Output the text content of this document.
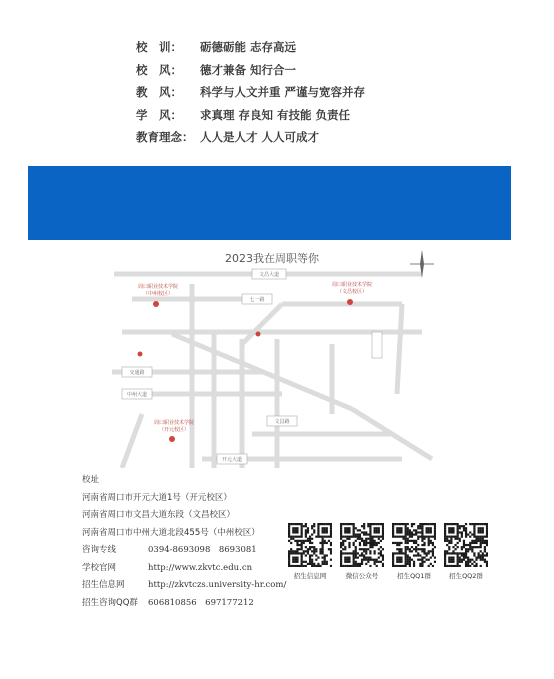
校　训： 砺德砺能 志存高远
校　风： 德才兼备 知行合一
教　风： 科学与人文并重 严谨与宽容并存
学　风： 求真理 存良知 有技能 负责任
教育理念： 人人是人才 人人可成才
2023我在周职等你
文昌大道
七一路
交通路
中州大道
文昌路
开元大道
周口职业技术学院
（中州校区）
周口职业技术学院
（文昌校区）
周口职业技术学院
（开元校区）
校址
河南省周口市开元大道1号（开元校区）
河南省周口市文昌大道东段（文昌校区）
河南省周口市中州大道北段455号（中州校区）
咨询专线	0394-8693098　8693081
学校官网	http://www.zkvtc.edu.cn
招生信息网	http://zkvtczs.university-hr.com/
招生咨询QQ群 606810856　697177212
招生信息网	微信公众号	招生QQ1群	招生QQ2群
